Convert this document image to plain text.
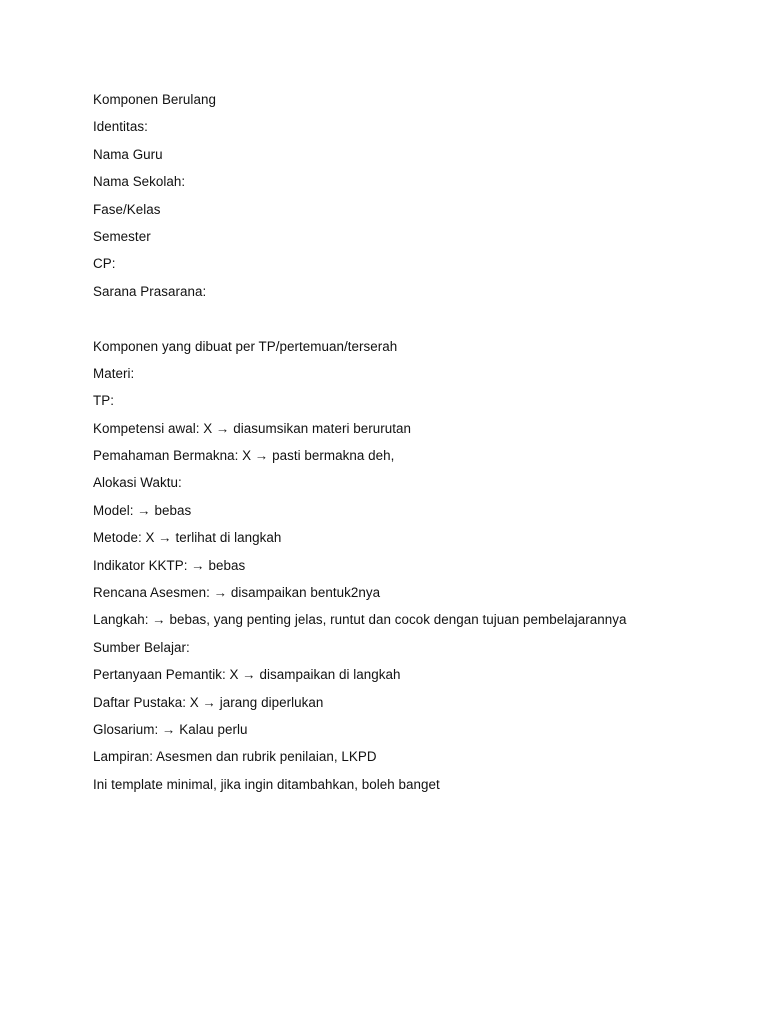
Komponen Berulang
Identitas:
Nama Guru
Nama Sekolah:
Fase/Kelas
Semester
CP:
Sarana Prasarana:
Komponen yang dibuat per TP/pertemuan/terserah
Materi:
TP:
Kompetensi awal: X → diasumsikan materi berurutan
Pemahaman Bermakna: X → pasti bermakna deh,
Alokasi Waktu:
Model: → bebas
Metode: X → terlihat di langkah
Indikator KKTP: → bebas
Rencana Asesmen: → disampaikan bentuk2nya
Langkah: → bebas, yang penting jelas, runtut dan cocok dengan tujuan pembelajarannya
Sumber Belajar:
Pertanyaan Pemantik: X → disampaikan di langkah
Daftar Pustaka: X → jarang diperlukan
Glosarium: → Kalau perlu
Lampiran: Asesmen dan rubrik penilaian, LKPD
Ini template minimal, jika ingin ditambahkan, boleh banget
